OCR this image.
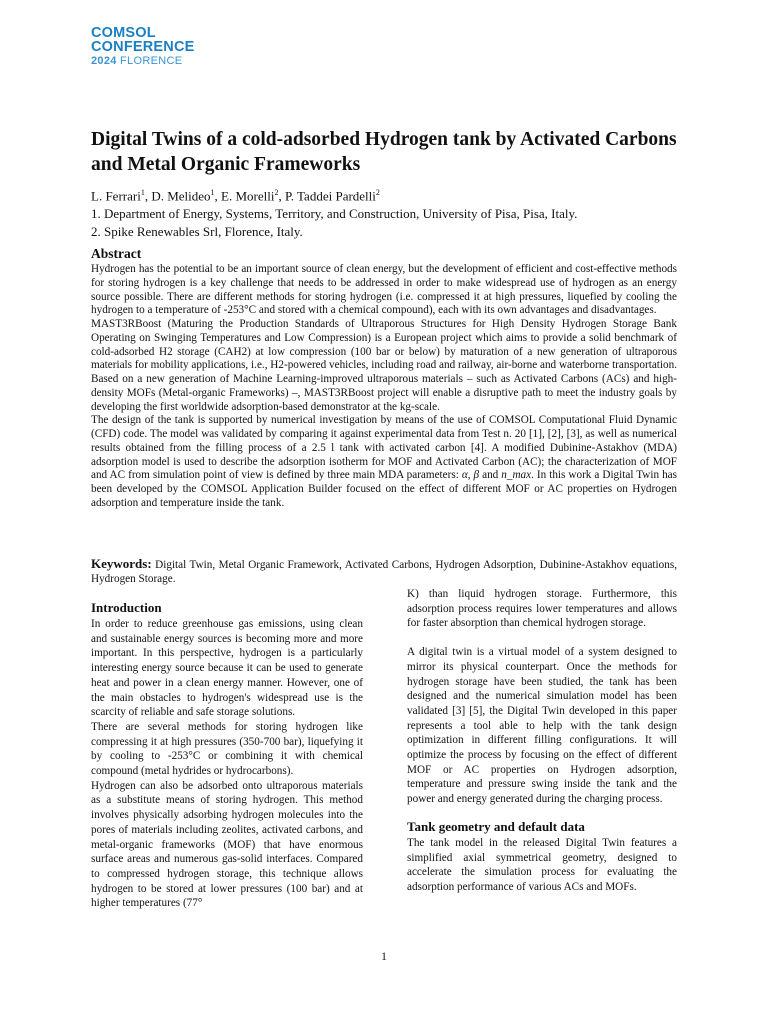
COMSOL
CONFERENCE
2024 FLORENCE
Digital Twins of a cold-adsorbed Hydrogen tank by Activated Carbons and Metal Organic Frameworks
L. Ferrari$^1$, D. Melideo$^1$, E. Morelli$^2$, P. Taddei Pardelli$^2$
1. Department of Energy, Systems, Territory, and Construction, University of Pisa, Pisa, Italy.
2. Spike Renewables Srl, Florence, Italy.
Abstract

Hydrogen has the potential to be an important source of clean energy, but the development of efficient and cost-effective methods for storing hydrogen is a key challenge that needs to be addressed in order to make widespread use of hydrogen as an energy source possible. There are different methods for storing hydrogen (i.e. compressed it at high pressures, liquefied by cooling the hydrogen to a temperature of -253°C and stored with a chemical compound), each with its own advantages and disadvantages.

MAST3RBoost (Maturing the Production Standards of Ultraporous Structures for High Density Hydrogen Storage Bank Operating on Swinging Temperatures and Low Compression) is a European project which aims to provide a solid benchmark of cold-adsorbed H2 storage (CAH2) at low compression (100 bar or below) by maturation of a new generation of ultraporous materials for mobility applications, i.e., H2-powered vehicles, including road and railway, air-borne and waterborne transportation. Based on a new generation of Machine Learning-improved ultraporous materials – such as Activated Carbons (ACs) and high-density MOFs (Metal-organic Frameworks) –, MAST3RBoost project will enable a disruptive path to meet the industry goals by developing the first worldwide adsorption-based demonstrator at the kg-scale.

The design of the tank is supported by numerical investigation by means of the use of COMSOL Computational Fluid Dynamic (CFD) code. The model was validated by comparing it against experimental data from Test n. 20 [1], [2], [3], as well as numerical results obtained from the filling process of a 2.5 l tank with activated carbon [4]. A modified Dubinine-Astakhov (MDA) adsorption model is used to describe the adsorption isotherm for MOF and Activated Carbon (AC); the characterization of MOF and AC from simulation point of view is defined by three main MDA parameters: α, β and n_max. In this work a Digital Twin has been developed by the COMSOL Application Builder focused on the effect of different MOF or AC properties on Hydrogen adsorption and temperature inside the tank.

Keywords: Digital Twin, Metal Organic Framework, Activated Carbons, Hydrogen Adsorption, Dubinine-Astakhov equations, Hydrogen Storage.
Introduction

In order to reduce greenhouse gas emissions, using clean and sustainable energy sources is becoming more and more important. In this perspective, hydrogen is a particularly interesting energy source because it can be used to generate heat and power in a clean energy manner. However, one of the main obstacles to hydrogen's widespread use is the scarcity of reliable and safe storage solutions.

There are several methods for storing hydrogen like compressing it at high pressures (350-700 bar), liquefying it by cooling to -253°C or combining it with chemical compound (metal hydrides or hydrocarbons).

Hydrogen can also be adsorbed onto ultraporous materials as a substitute means of storing hydrogen. This method involves physically adsorbing hydrogen molecules into the pores of materials including zeolites, activated carbons, and metal-organic frameworks (MOF) that have enormous surface areas and numerous gas-solid interfaces. Compared to compressed hydrogen storage, this technique allows hydrogen to be stored at lower pressures (100 bar) and at higher temperatures (77°

K) than liquid hydrogen storage. Furthermore, this adsorption process requires lower temperatures and allows for faster absorption than chemical hydrogen storage.

A digital twin is a virtual model of a system designed to mirror its physical counterpart. Once the methods for hydrogen storage have been studied, the tank has been designed and the numerical simulation model has been validated [3] [5], the Digital Twin developed in this paper represents a tool able to help with the tank design optimization in different filling configurations. It will optimize the process by focusing on the effect of different MOF or AC properties on Hydrogen adsorption, temperature and pressure swing inside the tank and the power and energy generated during the charging process.

Tank geometry and default data

The tank model in the released Digital Twin features a simplified axial symmetrical geometry, designed to accelerate the simulation process for evaluating the adsorption performance of various ACs and MOFs.

1
